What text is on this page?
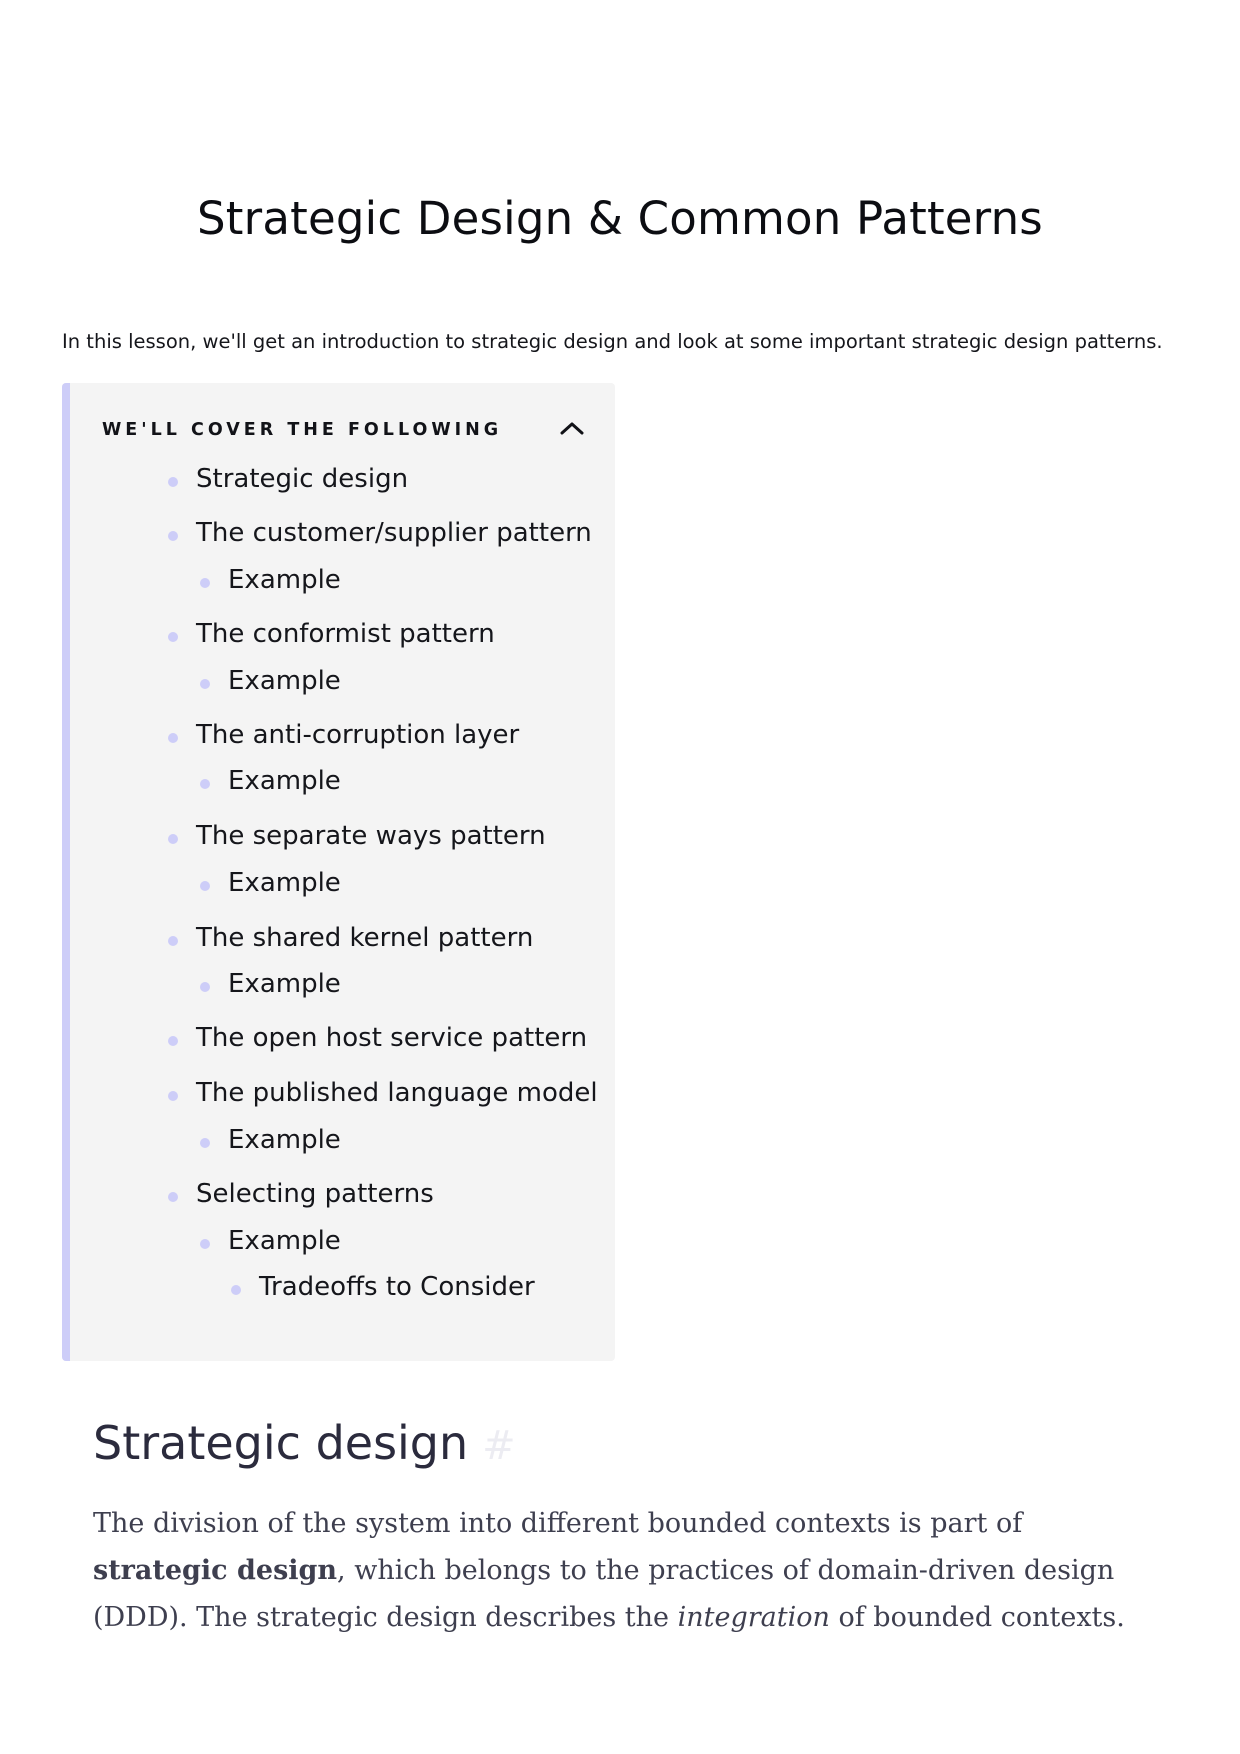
Strategic Design & Common Patterns

In this lesson, we'll get an introduction to strategic design and look at some important strategic design patterns.

WE'LL COVER THE FOLLOWING
Strategic design
The customer/supplier pattern
Example
The conformist pattern
Example
The anti-corruption layer
Example
The separate ways pattern
Example
The shared kernel pattern
Example
The open host service pattern
The published language model
Example
Selecting patterns
Example
Tradeoffs to Consider
Strategic design #

The division of the system into different bounded contexts is part of strategic design, which belongs to the practices of domain-driven design (DDD). The strategic design describes the integration of bounded contexts.
